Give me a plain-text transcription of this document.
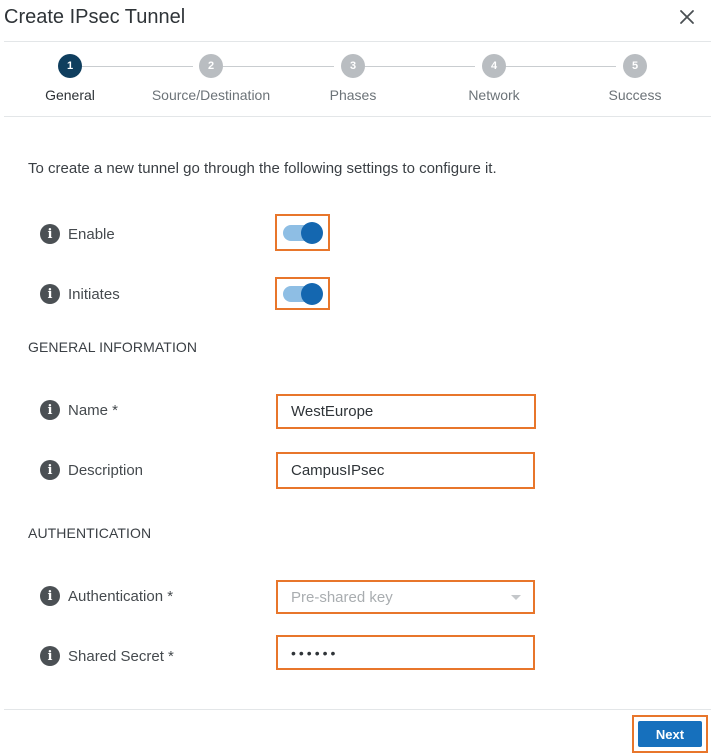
Create IPsec Tunnel
1
General
2
Source/Destination
3
Phases
4
Network
5
Success
To create a new tunnel go through the following settings to configure it.
i	Enable
i	Initiates
GENERAL INFORMATION
i	Name *	WestEurope
i	Description	CampusIPsec
AUTHENTICATION
i	Authentication *	Pre-shared key
i	Shared Secret *	••••••
Next
